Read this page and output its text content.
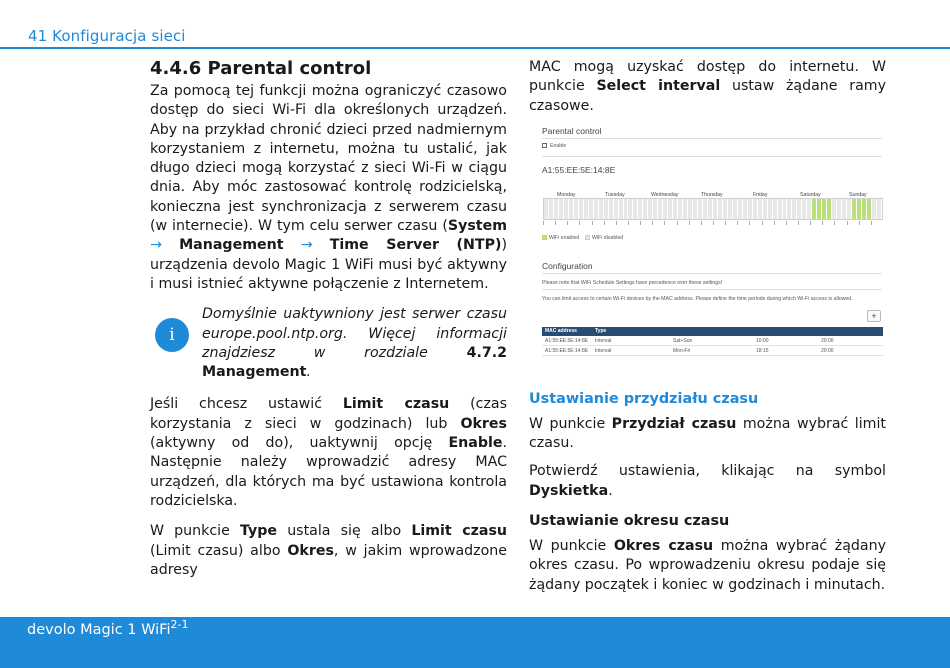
41 Konfiguracja sieci
4.4.6 Parental control

Za pomocą tej funkcji można ograniczyć czasowo dostęp do sieci Wi-Fi dla określonych urządzeń. Aby na przykład chronić dzieci przed nadmiernym korzystaniem z internetu, można tu ustalić, jak długo dzieci mogą korzystać z sieci Wi-Fi w ciągu dnia. Aby móc zastosować kontrolę rodzicielską, konieczna jest synchronizacja z serwerem czasu (w internecie). W tym celu serwer czasu (System → Management → Time Server (NTP)) urządzenia devolo Magic 1 WiFi musi być aktywny i musi istnieć aktywne połączenie z Internetem.

i

Domyślnie uaktywniony jest serwer czasu europe.pool.ntp.org. Więcej informacji znajdziesz w rozdziale 4.7.2 Management.

Jeśli chcesz ustawić Limit czasu (czas korzystania z sieci w godzinach) lub Okres (aktywny od do), uaktywnij opcję Enable. Następnie należy wprowadzić adresy MAC urządzeń, dla których ma być ustawiona kontrola rodzicielska.

W punkcie Type ustala się albo Limit czasu (Limit czasu) albo Okres, w jakim wprowadzone adresy

MAC mogą uzyskać dostęp do internetu. W punkcie Select interval ustaw żądane ramy czasowe.

Parental control
Enable
A1:55:EE:5E:14:8E
Monday	Tuesday	Wednesday	Thursday	Friday	Saturday	Sunday
WiFi enabled WiFi disabled
Configuration
Please note that WiFi Schedule Settings have precedence over these settings!
You can limit access to certain Wi-Fi devices by the MAC address. Please define the time periods during which Wi-Fi access is allowed.
+
MAC address	Type			
A1:55:EE:5E:14:8E	Interval	Sat+Sun	10:00	20:00
A1:55:EE:5E:14:8E	Interval	Mon-Fri	18:15	20:00
Ustawianie przydziału czasu

W punkcie Przydział czasu można wybrać limit czasu.

Potwierdź ustawienia, klikając na symbol Dyskietka.

Ustawianie okresu czasu

W punkcie Okres czasu można wybrać żądany okres czasu. Po wprowadzeniu okresu podaje się żądany początek i koniec w godzinach i minutach.

devolo Magic 1 WiFi$^{2-1}$
